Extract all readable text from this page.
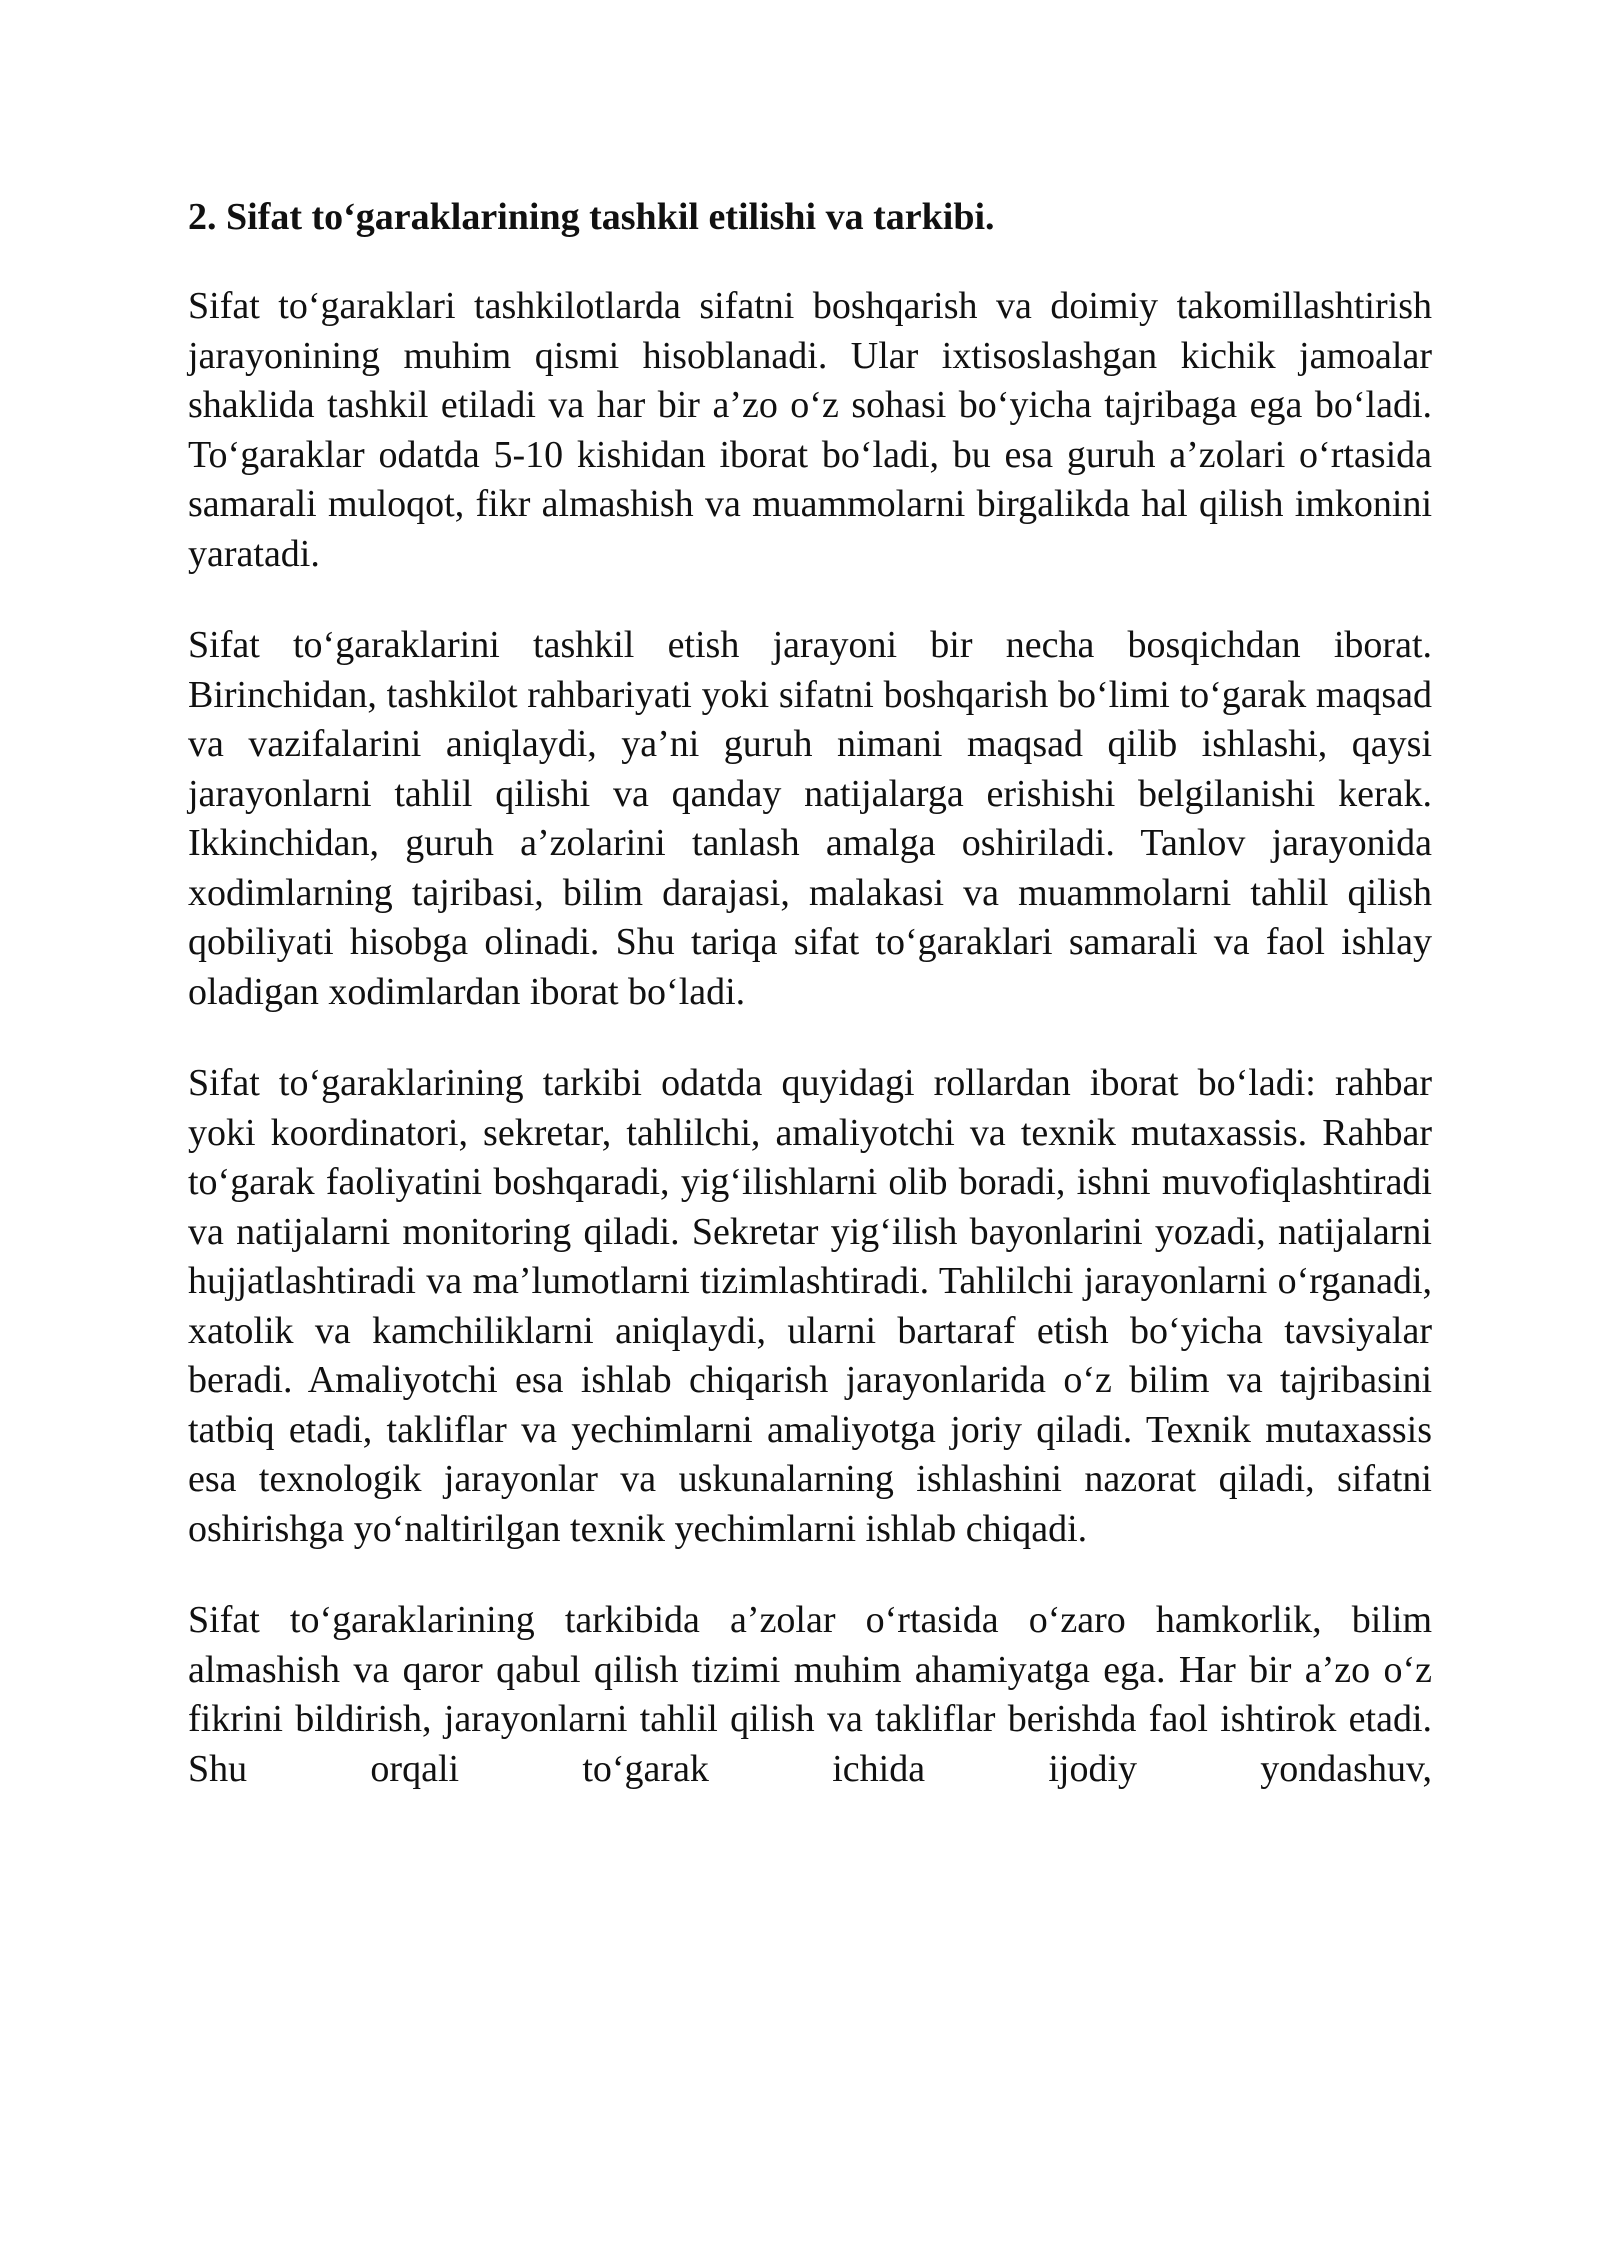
2. Sifat to‘garaklarining tashkil etilishi va tarkibi.

Sifat to‘garaklari tashkilotlarda sifatni boshqarish va doimiy takomillashtirish jarayonining muhim qismi hisoblanadi. Ular ixtisoslashgan kichik jamoalar shaklida tashkil etiladi va har bir a’zo o‘z sohasi bo‘yicha tajribaga ega bo‘ladi. To‘garaklar odatda 5-10 kishidan iborat bo‘ladi, bu esa guruh a’zolari o‘rtasida samarali muloqot, fikr almashish va muammolarni birgalikda hal qilish imkonini yaratadi.

Sifat to‘garaklarini tashkil etish jarayoni bir necha bosqichdan iborat. Birinchidan, tashkilot rahbariyati yoki sifatni boshqarish bo‘limi to‘garak maqsad va vazifalarini aniqlaydi, ya’ni guruh nimani maqsad qilib ishlashi, qaysi jarayonlarni tahlil qilishi va qanday natijalarga erishishi belgilanishi kerak. Ikkinchidan, guruh a’zolarini tanlash amalga oshiriladi. Tanlov jarayonida xodimlarning tajribasi, bilim darajasi, malakasi va muammolarni tahlil qilish qobiliyati hisobga olinadi. Shu tariqa sifat to‘garaklari samarali va faol ishlay oladigan xodimlardan iborat bo‘ladi.

Sifat to‘garaklarining tarkibi odatda quyidagi rollardan iborat bo‘ladi: rahbar yoki koordinatori, sekretar, tahlilchi, amaliyotchi va texnik mutaxassis. Rahbar to‘garak faoliyatini boshqaradi, yig‘ilishlarni olib boradi, ishni muvofiqlashtiradi va natijalarni monitoring qiladi. Sekretar yig‘ilish bayonlarini yozadi, natijalarni hujjatlashtiradi va ma’lumotlarni tizimlashtiradi. Tahlilchi jarayonlarni o‘rganadi, xatolik va kamchiliklarni aniqlaydi, ularni bartaraf etish bo‘yicha tavsiyalar beradi. Amaliyotchi esa ishlab chiqarish jarayonlarida o‘z bilim va tajribasini tatbiq etadi, takliflar va yechimlarni amaliyotga joriy qiladi. Texnik mutaxassis esa texnologik jarayonlar va uskunalarning ishlashini nazorat qiladi, sifatni oshirishga yo‘naltirilgan texnik yechimlarni ishlab chiqadi.

Sifat to‘garaklarining tarkibida a’zolar o‘rtasida o‘zaro hamkorlik, bilim almashish va qaror qabul qilish tizimi muhim ahamiyatga ega. Har bir a’zo o‘z fikrini bildirish, jarayonlarni tahlil qilish va takliflar berishda faol ishtirok etadi. Shu orqali to‘garak ichida ijodiy yondashuv,
